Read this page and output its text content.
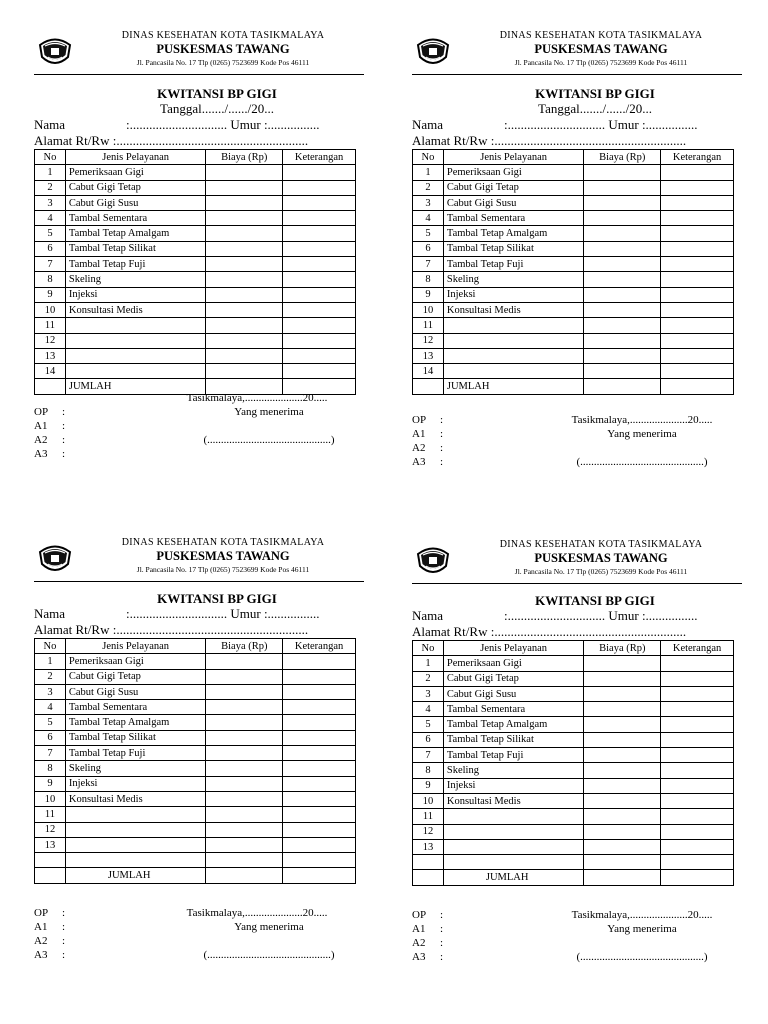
DINAS KESEHATAN KOTA TASIKMALAYA
PUSKESMAS TAWANG
Jl. Pancasila No. 17 Tlp (0265) 7523699 Kode Pos 46111
KWITANSI BP GIGI
Tanggal......./....../20...
Nama	:.............................. Umur :................
Alamat Rt/Rw :...........................................................
No	Jenis Pelayanan	Biaya (Rp)	Keterangan
1	Pemeriksaan Gigi		
2	Cabut Gigi Tetap		
3	Cabut Gigi Susu		
4	Tambal Sementara		
5	Tambal Tetap Amalgam		
6	Tambal Tetap Silikat		
7	Tambal Tetap Fuji		
8	Skeling		
9	Injeksi		
10	Konsultasi Medis		
11			
12			
13			
14			
	JUMLAH		
OP :
A1 :
A2 :
A3 :
Tasikmalaya,.....................20.....
Yang menerima
(.............................................)
DINAS KESEHATAN KOTA TASIKMALAYA
PUSKESMAS TAWANG
Jl. Pancasila No. 17 Tlp (0265) 7523699 Kode Pos 46111
KWITANSI BP GIGI
Tanggal......./....../20...
Nama	:.............................. Umur :................
Alamat Rt/Rw :...........................................................
No	Jenis Pelayanan	Biaya (Rp)	Keterangan
1	Pemeriksaan Gigi		
2	Cabut Gigi Tetap		
3	Cabut Gigi Susu		
4	Tambal Sementara		
5	Tambal Tetap Amalgam		
6	Tambal Tetap Silikat		
7	Tambal Tetap Fuji		
8	Skeling		
9	Injeksi		
10	Konsultasi Medis		
11			
12			
13			
14			
	JUMLAH		
OP :
A1 :
A2 :
A3 :
Tasikmalaya,.....................20.....
Yang menerima
(.............................................)
DINAS KESEHATAN KOTA TASIKMALAYA
PUSKESMAS TAWANG
Jl. Pancasila No. 17 Tlp (0265) 7523699 Kode Pos 46111
KWITANSI BP GIGI
Nama	:.............................. Umur :................
Alamat Rt/Rw :...........................................................
No	Jenis Pelayanan	Biaya (Rp)	Keterangan
1	Pemeriksaan Gigi		
2	Cabut Gigi Tetap		
3	Cabut Gigi Susu		
4	Tambal Sementara		
5	Tambal Tetap Amalgam		
6	Tambal Tetap Silikat		
7	Tambal Tetap Fuji		
8	Skeling		
9	Injeksi		
10	Konsultasi Medis		
11			
12			
13			

	JUMLAH		
OP :
A1 :
A2 :
A3 :
Tasikmalaya,.....................20.....
Yang menerima
(.............................................)
DINAS KESEHATAN KOTA TASIKMALAYA
PUSKESMAS TAWANG
Jl. Pancasila No. 17 Tlp (0265) 7523699 Kode Pos 46111
KWITANSI BP GIGI
Nama	:.............................. Umur :................
Alamat Rt/Rw :...........................................................
No	Jenis Pelayanan	Biaya (Rp)	Keterangan
1	Pemeriksaan Gigi		
2	Cabut Gigi Tetap		
3	Cabut Gigi Susu		
4	Tambal Sementara		
5	Tambal Tetap Amalgam		
6	Tambal Tetap Silikat		
7	Tambal Tetap Fuji		
8	Skeling		
9	Injeksi		
10	Konsultasi Medis		
11			
12			
13			

	JUMLAH		
OP :
A1 :
A2 :
A3 :
Tasikmalaya,.....................20.....
Yang menerima
(.............................................)
